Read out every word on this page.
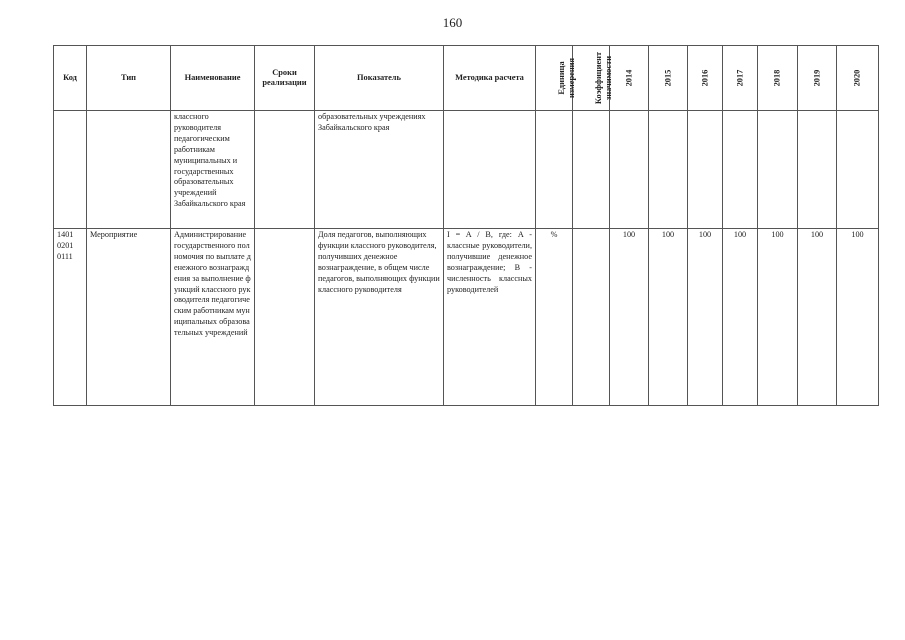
160
Код	Тип	Наименование	Сроки реализации	Показатель	Методика расчета	Единица измерения	Коэффициент значимости	2014	2015	2016	2017	2018	2019	2020
		классного руководителя педагогическим работникам муниципальных и государственных образовательных учреждений Забайкальского края		образовательных учреждениях Забайкальского края										
1401 0201 0111	Мероприятие	Администрирование государственного полномочия по выплате денежного вознаграждения за выполнение функций классного руководителя педагогическим работникам муниципальных образовательных учреждений		Доля педагогов, выполняющих функции классного руководителя, получивших денежное вознаграждение, в общем числе педагогов, выполняющих функции классного руководителя	I = A / B, где: A - классные руководители, получившие денежное вознаграждение; B - численность классных руководителей	%		100	100	100	100	100	100	100
